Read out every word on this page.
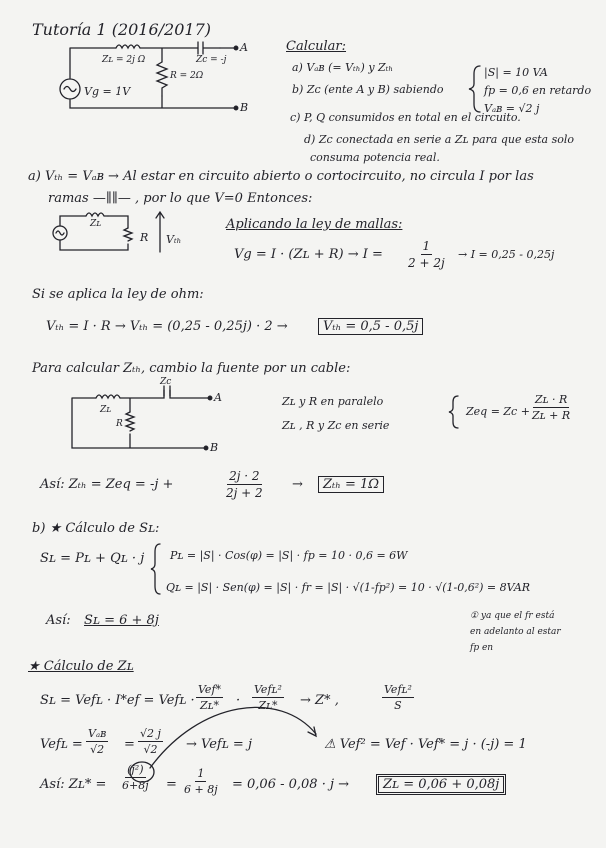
Tutoría 1 (2016/2017)
Zʟ = 2j Ω	Zc = -j
R = 2Ω
Vg = 1V
A
B
Calcular:
a) Vₐʙ (= Vₜₕ) y Zₜₕ
b) Zᴄ (ente A y B) sabiendo
c) P, Q consumidos en total en el circuito.
d) Zc conectada en serie a Zʟ para que esta solo
consuma potencia real.
|S| = 10 VA
fp = 0,6 en retardo
Vₐʙ = √2 j
a) Vₜₕ = Vₐʙ → Al estar en circuito abierto o cortocircuito, no circula I por las
ramas —∥∥— , por lo que V=0 Entonces:
Zʟ
R Vₜₕ
Aplicando la ley de mallas:
Vg = I · (Zʟ + $R) \to I = \frac{1}{2 + 2j} \to I = 0,25 - 0,25j$
Si se aplica la ley de ohm:
Vₜₕ = I · R → Vₜₕ = (0,25 - 0,25j) · 2 →	Vₜₕ = 0,5 - 0,5j
Para calcular Zₜₕ, cambio la fuente por un cable:
Zc
Zʟ
R
A
B
Zʟ y R en paralelo
Zʟ , R y Zc en serie
Zeq = $Zc + \frac{\text{Zʟ · R}}{\text{Zʟ + R}}$
Así: Zₜₕ = Zeq = -j +	$\frac{2j \cdot 2}{2j + 2}$ →	Zₜₕ = 1Ω
b) ★ Cálculo de Sʟ:
Sʟ = Pʟ + Qʟ · j Pʟ = |S| · Cos(φ) = |S| · fp = 10 · 0,6 = 6W
Qʟ = |S| · Sen(φ) = |S| · fr = |S| · √(1-fp²) = 10 · √(1-0,6²) = 8VAR
Así: Sʟ = 6 + 8j	① ya que el fr está
en adelanto al estar
fp en
★ Cálculo de Zʟ
Sʟ = Vefʟ · I*ef = Vefʟ ·
Vef*
Zʟ* ·
Vefʟ²
Zʟ* → Z* ,
Vefʟ²
S
Vefʟ =
Vₐʙ
$√2 = \frac{√2 j}{√2}$ → Vefʟ = j	⚠ Vef² = Vef · Vef* = j · (-j) = 1
Así: Zʟ* = $\frac{\text{(j²)}}{6+8j} = \frac{1}{6 + 8j} = 0,06 - 0,08 \cdot j$ →	Zʟ = 0,06 + 0,08j
